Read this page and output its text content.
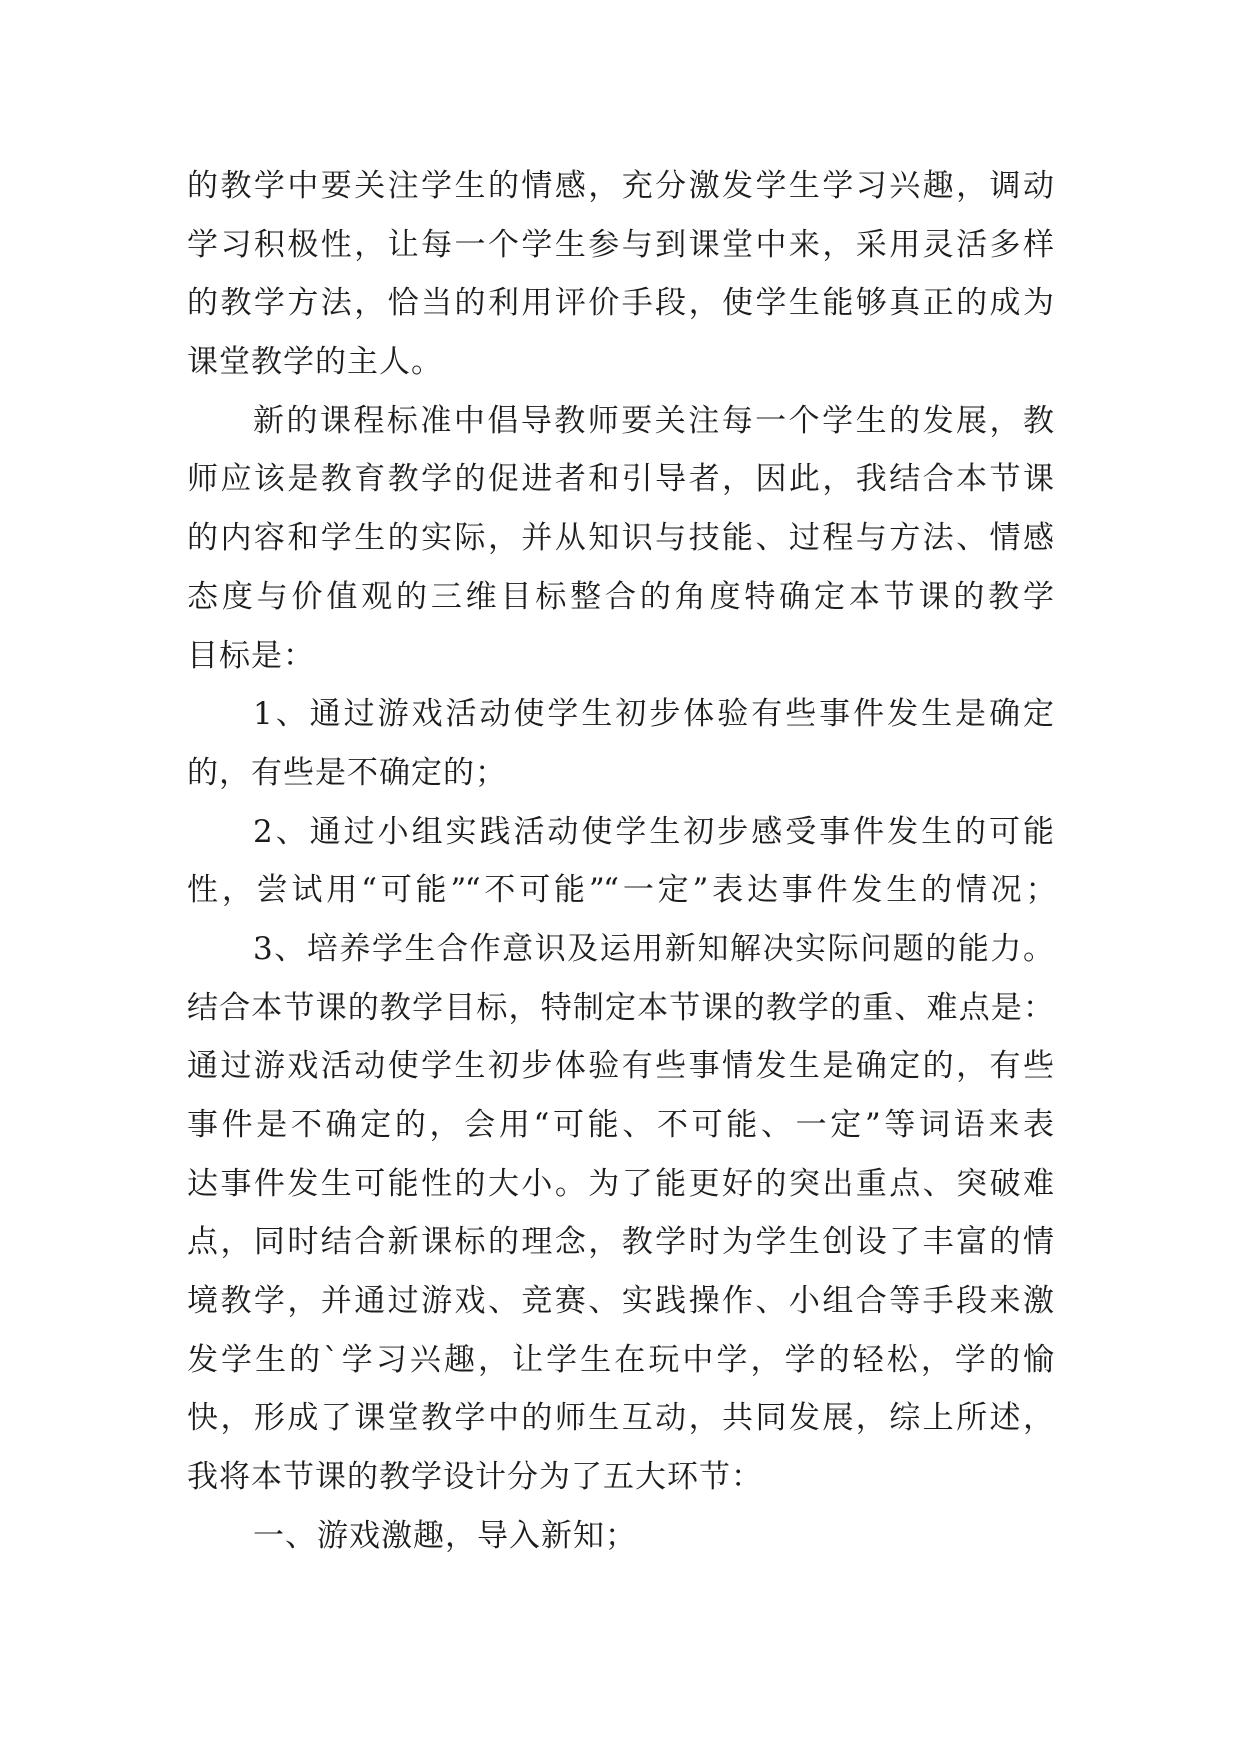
的教学中要关注学生的情感，充分激发学生学习兴趣，调动
学习积极性，让每一个学生参与到课堂中来，采用灵活多样
的教学方法，恰当的利用评价手段，使学生能够真正的成为
课堂教学的主人。
新的课程标准中倡导教师要关注每一个学生的发展，教
师应该是教育教学的促进者和引导者，因此，我结合本节课
的内容和学生的实际，并从知识与技能、过程与方法、情感
态度与价值观的三维目标整合的角度特确定本节课的教学
目标是：
1、通过游戏活动使学生初步体验有些事件发生是确定
的，有些是不确定的；
2、通过小组实践活动使学生初步感受事件发生的可能
性，尝试用“可能”“不可能”“一定”表达事件发生的情况；
3、培养学生合作意识及运用新知解决实际问题的能力。
结合本节课的教学目标，特制定本节课的教学的重、难点是：
通过游戏活动使学生初步体验有些事情发生是确定的，有些
事件是不确定的，会用“可能、不可能、一定”等词语来表
达事件发生可能性的大小。为了能更好的突出重点、突破难
点，同时结合新课标的理念，教学时为学生创设了丰富的情
境教学，并通过游戏、竞赛、实践操作、小组合等手段来激
发学生的`学习兴趣，让学生在玩中学，学的轻松，学的愉
快，形成了课堂教学中的师生互动，共同发展，综上所述，
我将本节课的教学设计分为了五大环节：
一、游戏激趣，导入新知；
